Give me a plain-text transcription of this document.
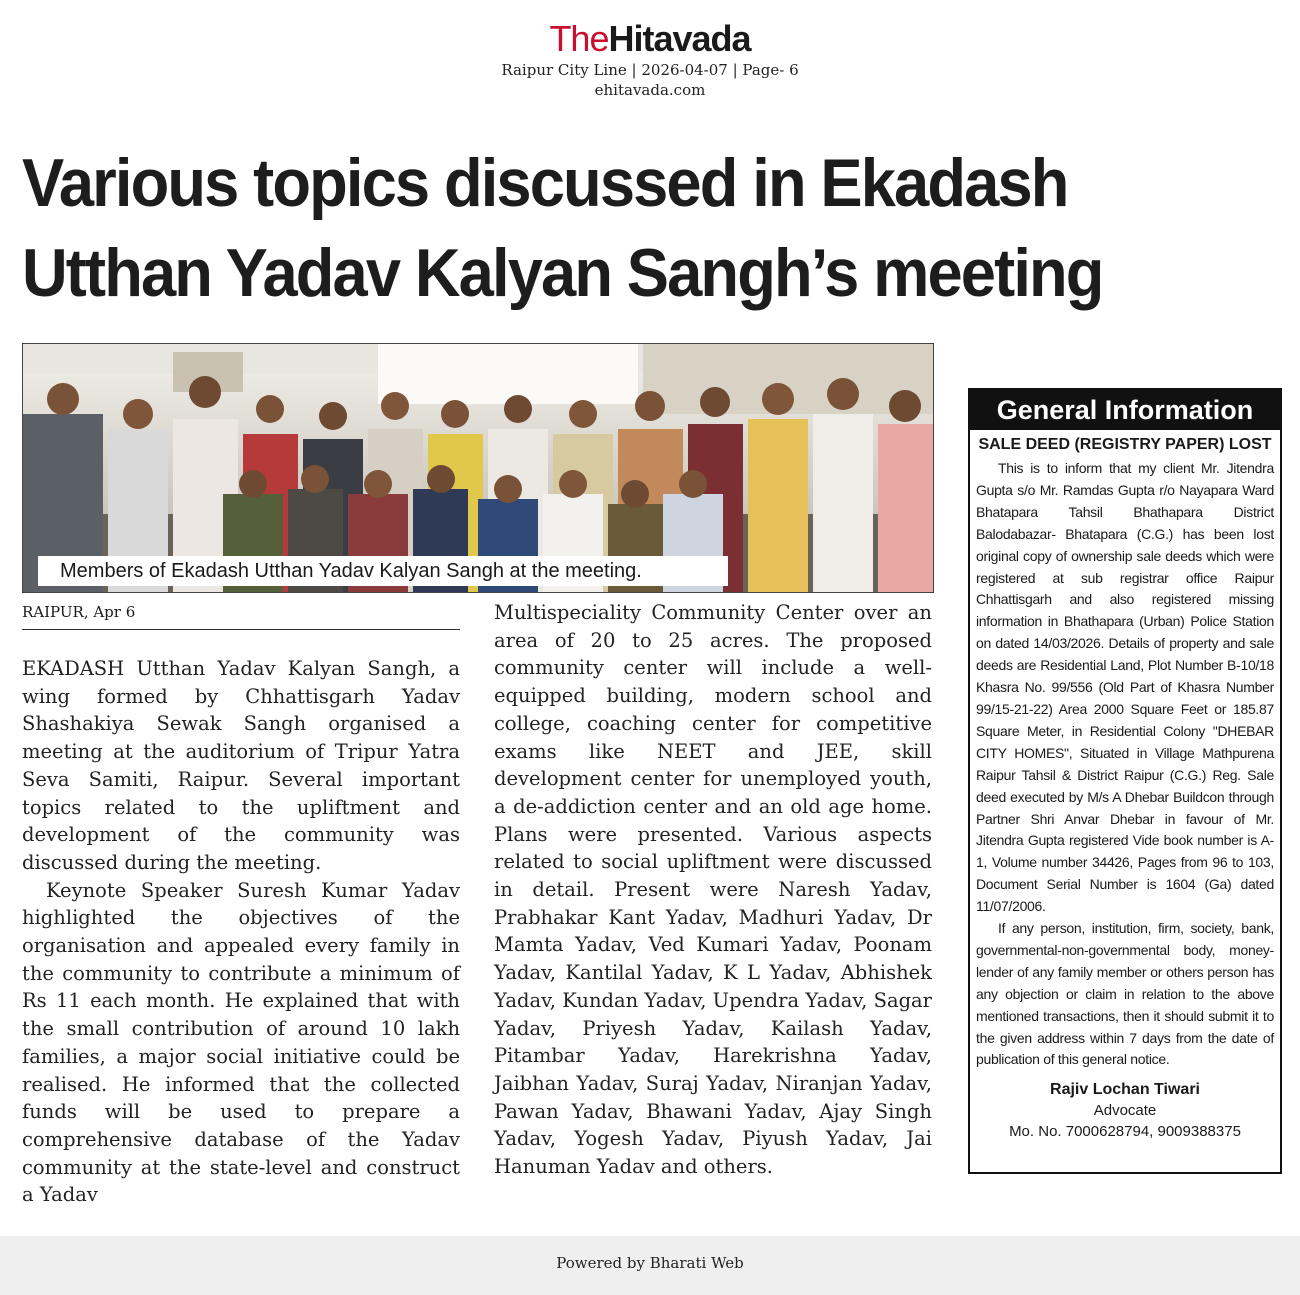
TheHitavada
Raipur City Line | 2026-04-07 | Page- 6
ehitavada.com
Various topics discussed in Ekadash
Utthan Yadav Kalyan Sangh’s meeting
Members of Ekadash Utthan Yadav Kalyan Sangh at the meeting.
RAIPUR, Apr 6

EKADASH Utthan Yadav Kalyan Sangh, a wing formed by Chhattisgarh Yadav Shashakiya Sewak Sangh organised a meeting at the auditorium of Tripur Yatra Seva Samiti, Raipur. Several important topics related to the upliftment and development of the community was discussed during the meeting.

Keynote Speaker Suresh Kumar Yadav highlighted the objectives of the organisation and appealed every family in the community to contribute a minimum of Rs 11 each month. He explained that with the small contribution of around 10 lakh families, a major social initiative could be realised. He informed that the collected funds will be used to prepare a comprehensive database of the Yadav community at the state-level and construct a Yadav

Multispeciality Community Center over an area of 20 to 25 acres. The proposed community center will include a well-equipped building, modern school and college, coaching center for competitive exams like NEET and JEE, skill development center for unemployed youth, a de-addiction center and an old age home. Plans were presented. Various aspects related to social upliftment were discussed in detail. Present were Naresh Yadav, Prabhakar Kant Yadav, Madhuri Yadav, Dr Mamta Yadav, Ved Kumari Yadav, Poonam Yadav, Kantilal Yadav, K L Yadav, Abhishek Yadav, Kundan Yadav, Upendra Yadav, Sagar Yadav, Priyesh Yadav, Kailash Yadav, Pitambar Yadav, Harekrishna Yadav, Jaibhan Yadav, Suraj Yadav, Niranjan Yadav, Pawan Yadav, Bhawani Yadav, Ajay Singh Yadav, Yogesh Yadav, Piyush Yadav, Jai Hanuman Yadav and others.

General Information
SALE DEED (REGISTRY PAPER) LOST

This is to inform that my client Mr. Jitendra Gupta s/o Mr. Ramdas Gupta r/o Nayapara Ward Bhatapara Tahsil Bhathapara District Balodabazar- Bhatapara (C.G.) has been lost original copy of ownership sale deeds which were registered at sub registrar office Raipur Chhattisgarh and also registered missing information in Bhathapara (Urban) Police Station on dated 14/03/2026. Details of property and sale deeds are Residential Land, Plot Number B-10/18 Khasra No. 99/556 (Old Part of Khasra Number 99/15-21-22) Area 2000 Square Feet or 185.87 Square Meter, in Residential Colony "DHEBAR CITY HOMES", Situated in Village Mathpurena Raipur Tahsil & District Raipur (C.G.) Reg. Sale deed executed by M/s A Dhebar Buildcon through Partner Shri Anvar Dhebar in favour of Mr. Jitendra Gupta registered Vide book number is A-1, Volume number 34426, Pages from 96 to 103, Document Serial Number is 1604 (Ga) dated 11/07/2006.

If any person, institution, firm, society, bank, governmental-non-governmental body, money-lender of any family member or others person has any objection or claim in relation to the above mentioned transactions, then it should submit it to the given address within 7 days from the date of publication of this general notice.

Rajiv Lochan Tiwari
Advocate
Mo. No. 7000628794, 9009388375
Powered by Bharati Web
